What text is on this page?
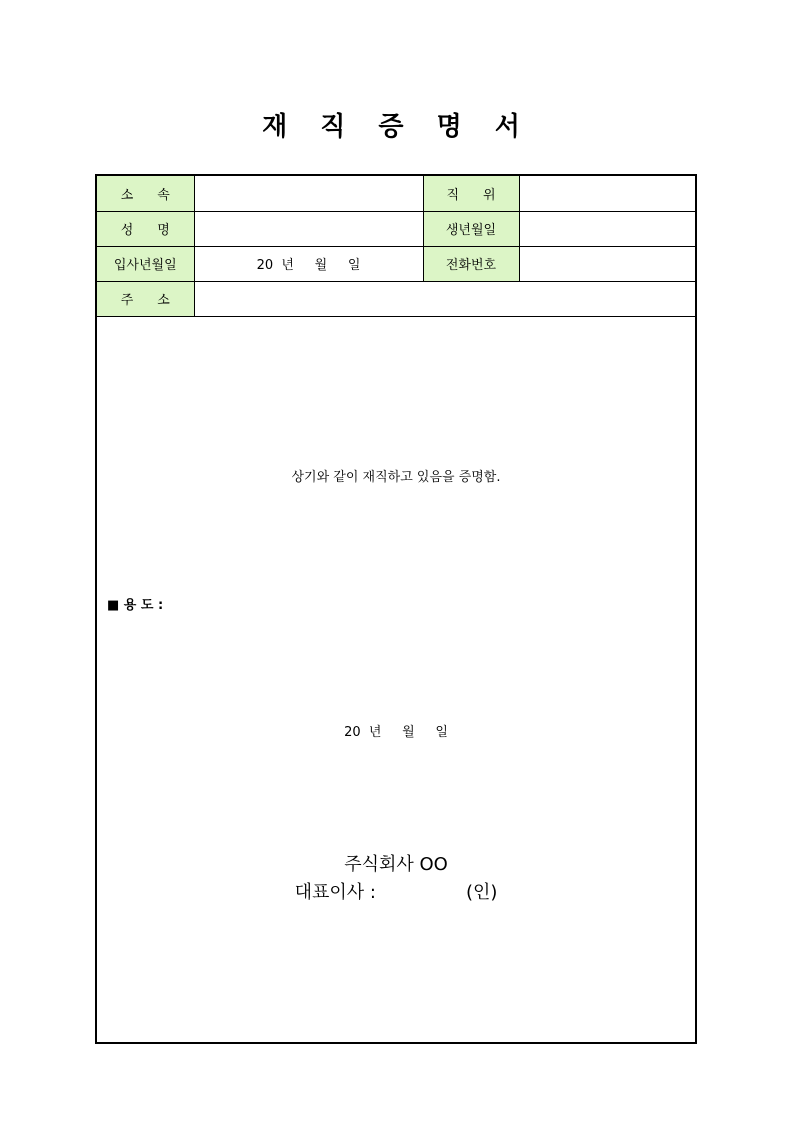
재 직 증 명 서
소 속		직 위	
성 명		생년월일	
입사년월일	20  년     월     일	전화번호	
주 소			
상기와 같이 재직하고 있음을 증명함.
■ 용 도 :
20  년     월     일
주식회사 OO
대표이사 :	(인)
